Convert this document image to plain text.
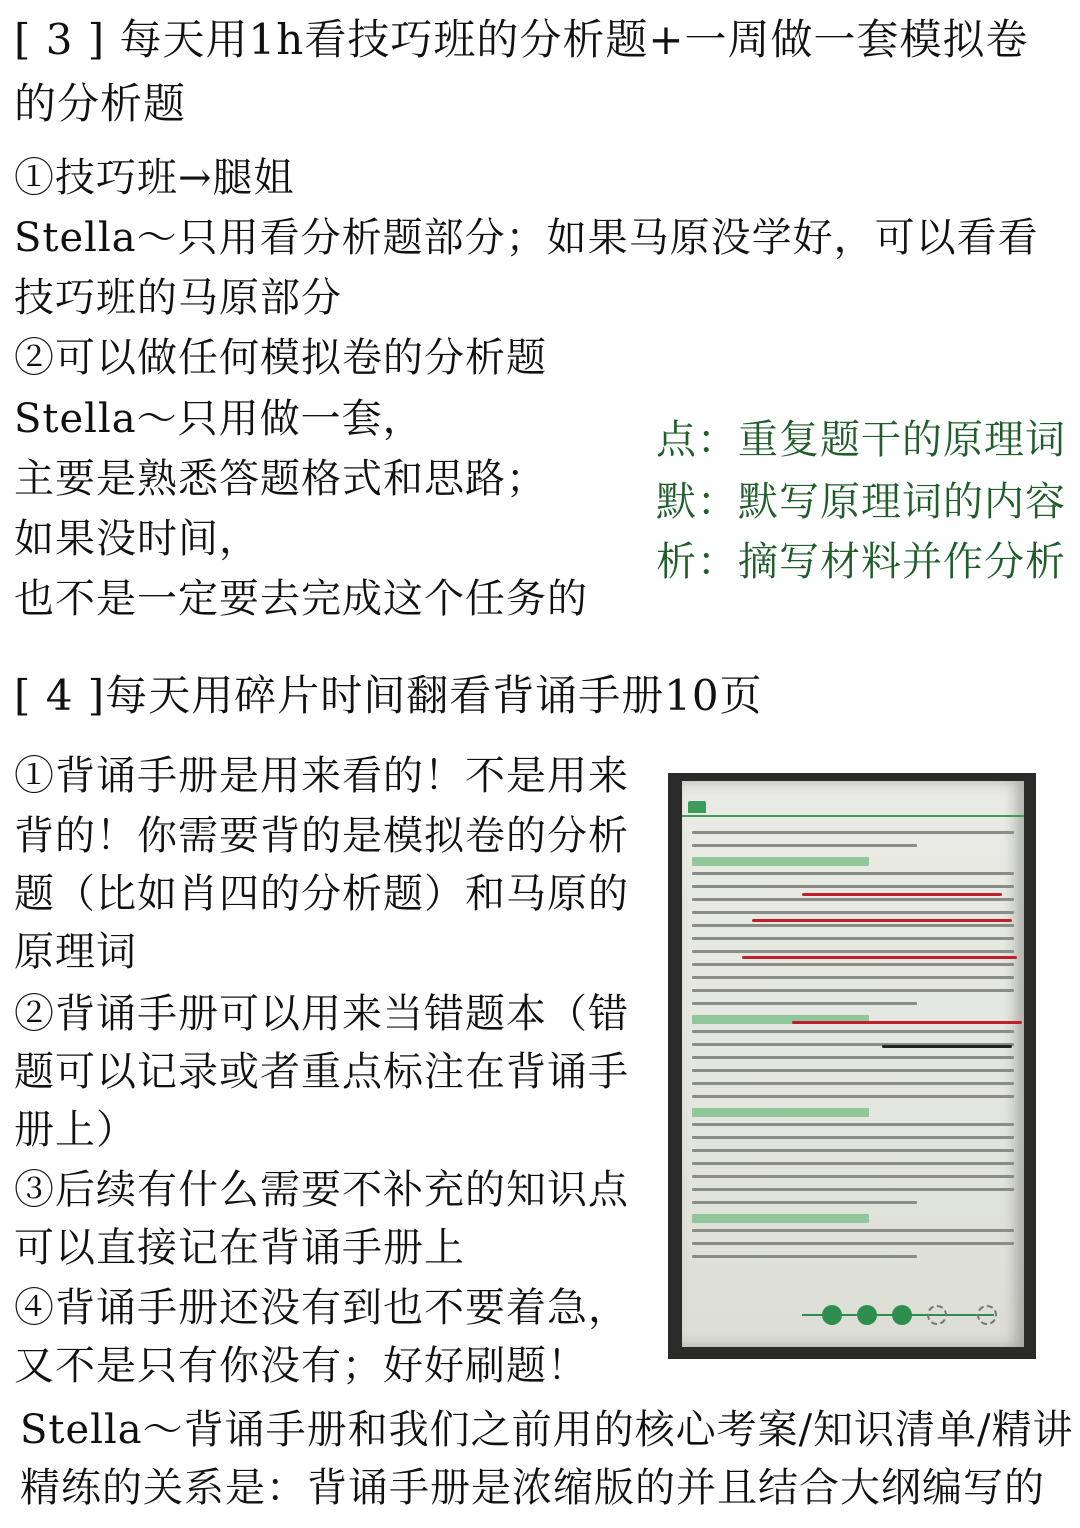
[ 3 ] 每天用1h看技巧班的分析题+一周做一套模拟卷
的分析题
①技巧班→腿姐
Stella～只用看分析题部分；如果马原没学好，可以看看
技巧班的马原部分
②可以做任何模拟卷的分析题
Stella～只用做一套，
主要是熟悉答题格式和思路；
如果没时间，
也不是一定要去完成这个任务的
点：重复题干的原理词
默：默写原理词的内容
析：摘写材料并作分析
[ 4 ]每天用碎片时间翻看背诵手册10页
①背诵手册是用来看的！不是用来
背的！你需要背的是模拟卷的分析
题（比如肖四的分析题）和马原的
原理词
②背诵手册可以用来当错题本（错
题可以记录或者重点标注在背诵手
册上）
③后续有什么需要不补充的知识点
可以直接记在背诵手册上
④背诵手册还没有到也不要着急，
又不是只有你没有；好好刷题！
Stella～背诵手册和我们之前用的核心考案/知识清单/精讲
精练的关系是：背诵手册是浓缩版的并且结合大纲编写的
